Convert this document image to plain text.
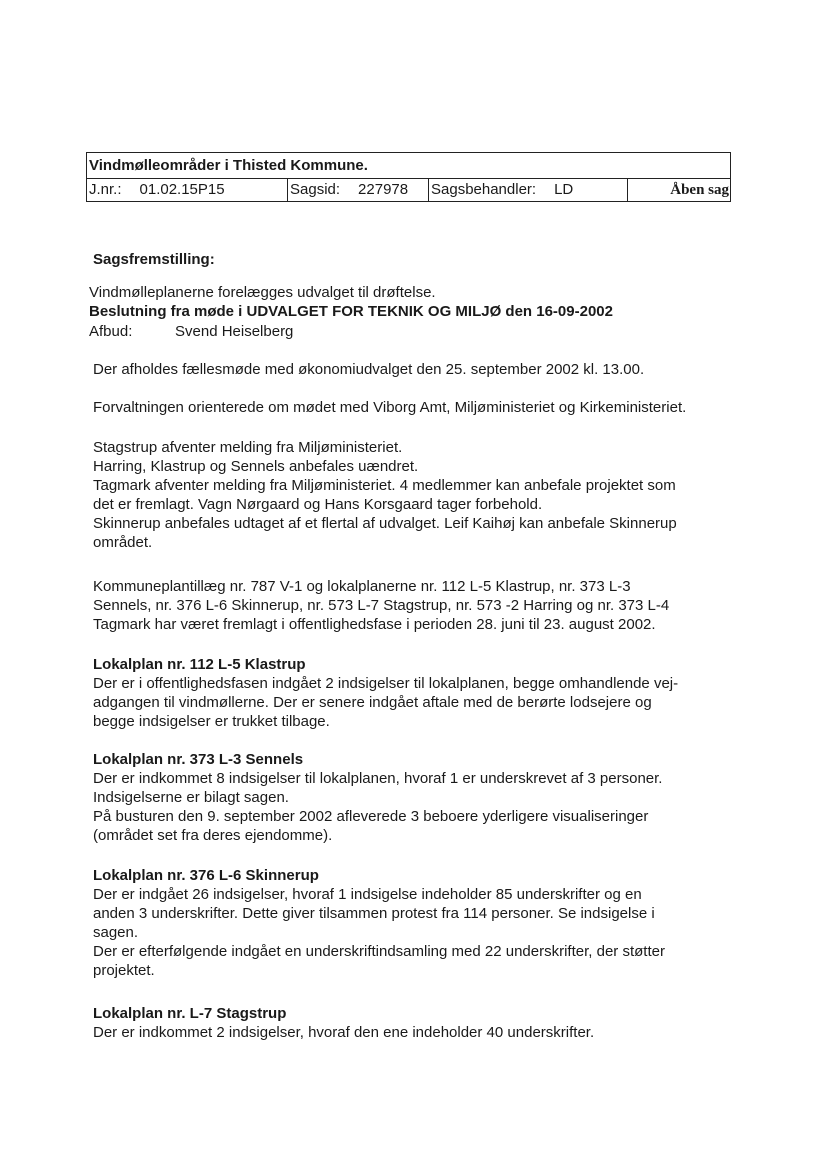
Vindmølleområder i Thisted Kommune.
J.nr.: 01.02.15P15	Sagsid: 227978	Sagsbehandler: LD	Åben sag
Sagsfremstilling:
Vindmølleplanerne forelægges udvalget til drøftelse.
Beslutning fra møde i UDVALGET FOR TEKNIK OG MILJØ den 16-09-2002
Afbud:	Svend Heiselberg
Der afholdes fællesmøde med økonomiudvalget den 25. september 2002 kl. 13.00.
Forvaltningen orienterede om mødet med Viborg Amt, Miljøministeriet og Kirkeministeriet.
Stagstrup afventer melding fra Miljøministeriet.
Harring, Klastrup og Sennels anbefales uændret.
Tagmark afventer melding fra Miljøministeriet. 4 medlemmer kan anbefale projektet som
det er fremlagt. Vagn Nørgaard og Hans Korsgaard tager forbehold.
Skinnerup anbefales udtaget af et flertal af udvalget. Leif Kaihøj kan anbefale Skinnerup
området.
Kommuneplantillæg nr. 787 V-1 og lokalplanerne nr. 112 L-5 Klastrup, nr. 373 L-3
Sennels, nr. 376 L-6 Skinnerup, nr. 573 L-7 Stagstrup, nr. 573 -2 Harring og nr. 373 L-4
Tagmark har været fremlagt i offentlighedsfase i perioden 28. juni til 23. august 2002.
Lokalplan nr. 112 L-5 Klastrup
Der er i offentlighedsfasen indgået 2 indsigelser til lokalplanen, begge omhandlende vej-
adgangen til vindmøllerne. Der er senere indgået aftale med de berørte lodsejere og
begge indsigelser er trukket tilbage.
Lokalplan nr. 373 L-3 Sennels
Der er indkommet 8 indsigelser til lokalplanen, hvoraf 1 er underskrevet af 3 personer.
Indsigelserne er bilagt sagen.
På busturen den 9. september 2002 afleverede 3 beboere yderligere visualiseringer
(området set fra deres ejendomme).
Lokalplan nr. 376 L-6 Skinnerup
Der er indgået 26 indsigelser, hvoraf 1 indsigelse indeholder 85 underskrifter og en
anden 3 underskrifter. Dette giver tilsammen protest fra 114 personer. Se indsigelse i
sagen.
Der er efterfølgende indgået en underskriftindsamling med 22 underskrifter, der støtter
projektet.
Lokalplan nr. L-7 Stagstrup
Der er indkommet 2 indsigelser, hvoraf den ene indeholder 40 underskrifter.
